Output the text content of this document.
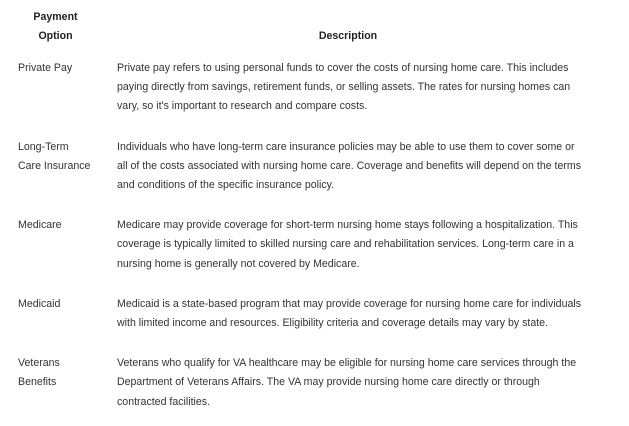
Payment Option	Description
Private Pay	Private pay refers to using personal funds to cover the costs of nursing home care. This includes paying directly from savings, retirement funds, or selling assets. The rates for nursing homes can vary, so it's important to research and compare costs.
Long-Term Care Insurance	Individuals who have long-term care insurance policies may be able to use them to cover some or all of the costs associated with nursing home care. Coverage and benefits will depend on the terms and conditions of the specific insurance policy.
Medicare	Medicare may provide coverage for short-term nursing home stays following a hospitalization. This coverage is typically limited to skilled nursing care and rehabilitation services. Long-term care in a nursing home is generally not covered by Medicare.
Medicaid	Medicaid is a state-based program that may provide coverage for nursing home care for individuals with limited income and resources. Eligibility criteria and coverage details may vary by state.
Veterans Benefits	Veterans who qualify for VA healthcare may be eligible for nursing home care services through the Department of Veterans Affairs. The VA may provide nursing home care directly or through contracted facilities.
